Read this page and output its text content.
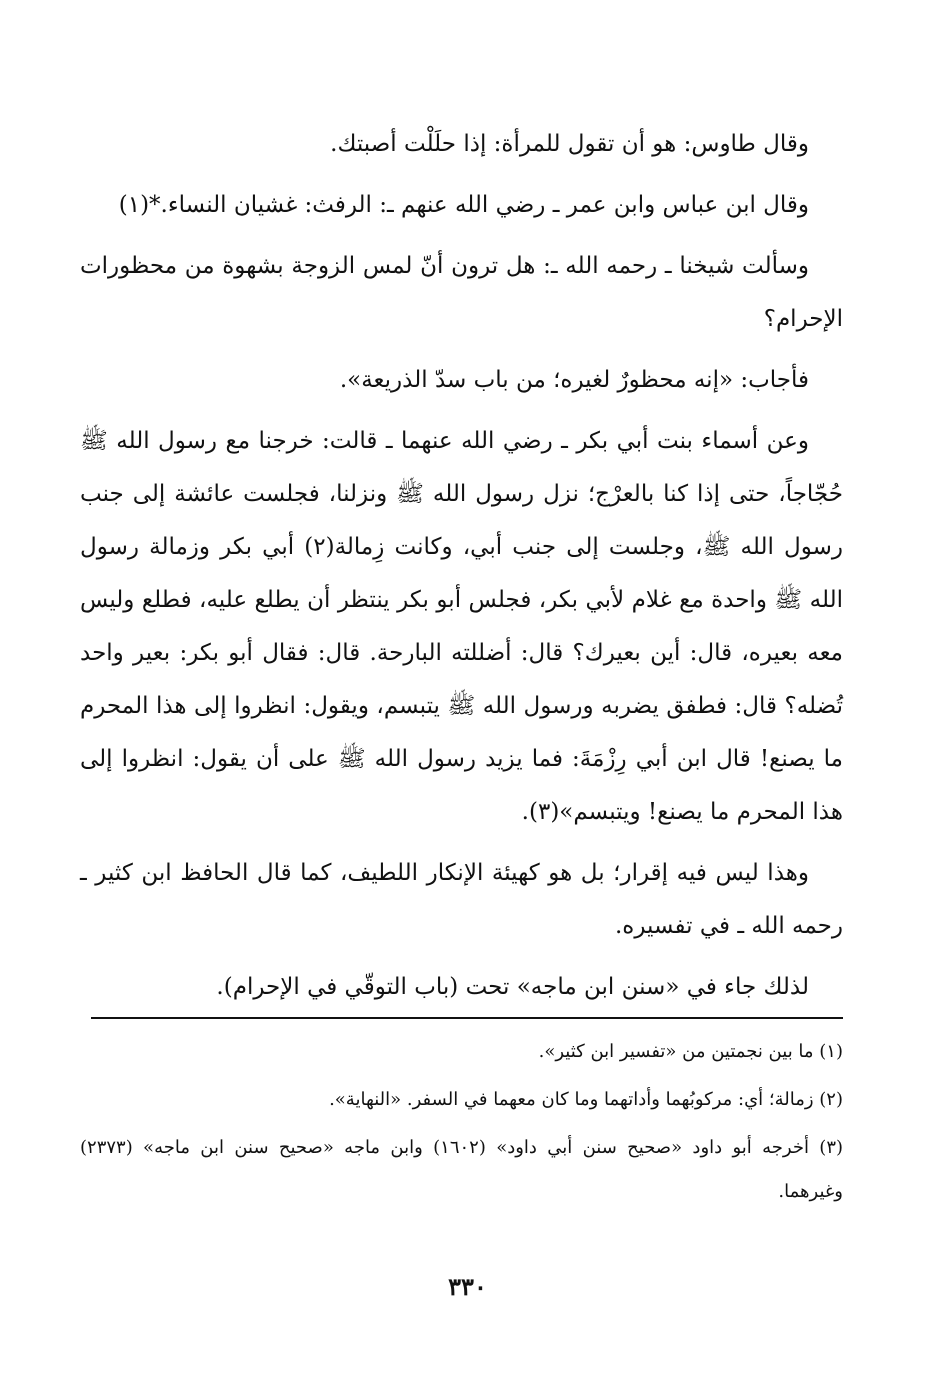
وقال طاوس: هو أن تقول للمرأة: إذا حلَلْت أصبتك.

وقال ابن عباس وابن عمر ـ رضي الله عنهم ـ: الرفث: غشيان النساء.*(١)

وسألت شيخنا ـ رحمه الله ـ: هل ترون أنّ لمس الزوجة بشهوة من محظورات الإحرام؟

فأجاب: «إنه محظورٌ لغيره؛ من باب سدّ الذريعة».

وعن أسماء بنت أبي بكر ـ رضي الله عنهما ـ قالت: خرجنا مع رسول الله ﷺ حُجّاجاً، حتى إذا كنا بالعرْج؛ نزل رسول الله ﷺ ونزلنا، فجلست عائشة إلى جنب رسول الله ﷺ، وجلست إلى جنب أبي، وكانت زِمالة(٢) أبي بكر وزمالة رسول الله ﷺ واحدة مع غلام لأبي بكر، فجلس أبو بكر ينتظر أن يطلع عليه، فطلع وليس معه بعيره، قال: أين بعيرك؟ قال: أضللته البارحة. قال: فقال أبو بكر: بعير واحد تُضله؟ قال: فطفق يضربه ورسول الله ﷺ يتبسم، ويقول: انظروا إلى هذا المحرم ما يصنع! قال ابن أبي رِزْمَةَ: فما يزيد رسول الله ﷺ على أن يقول: انظروا إلى هذا المحرم ما يصنع! ويتبسم»(٣).

وهذا ليس فيه إقرار؛ بل هو كهيئة الإنكار اللطيف، كما قال الحافظ ابن كثير ـ رحمه الله ـ في تفسيره.

لذلك جاء في «سنن ابن ماجه» تحت (باب التوقّي في الإحرام).

(١) ما بين نجمتين من «تفسير ابن كثير».

(٢) زمالة؛ أي: مركوبُهما وأداتهما وما كان معهما في السفر. «النهاية».

(٣) أخرجه أبو داود «صحيح سنن أبي داود» (١٦٠٢) وابن ماجه «صحيح سنن ابن ماجه» (٢٣٧٣) وغيرهما.

٣٣٠
